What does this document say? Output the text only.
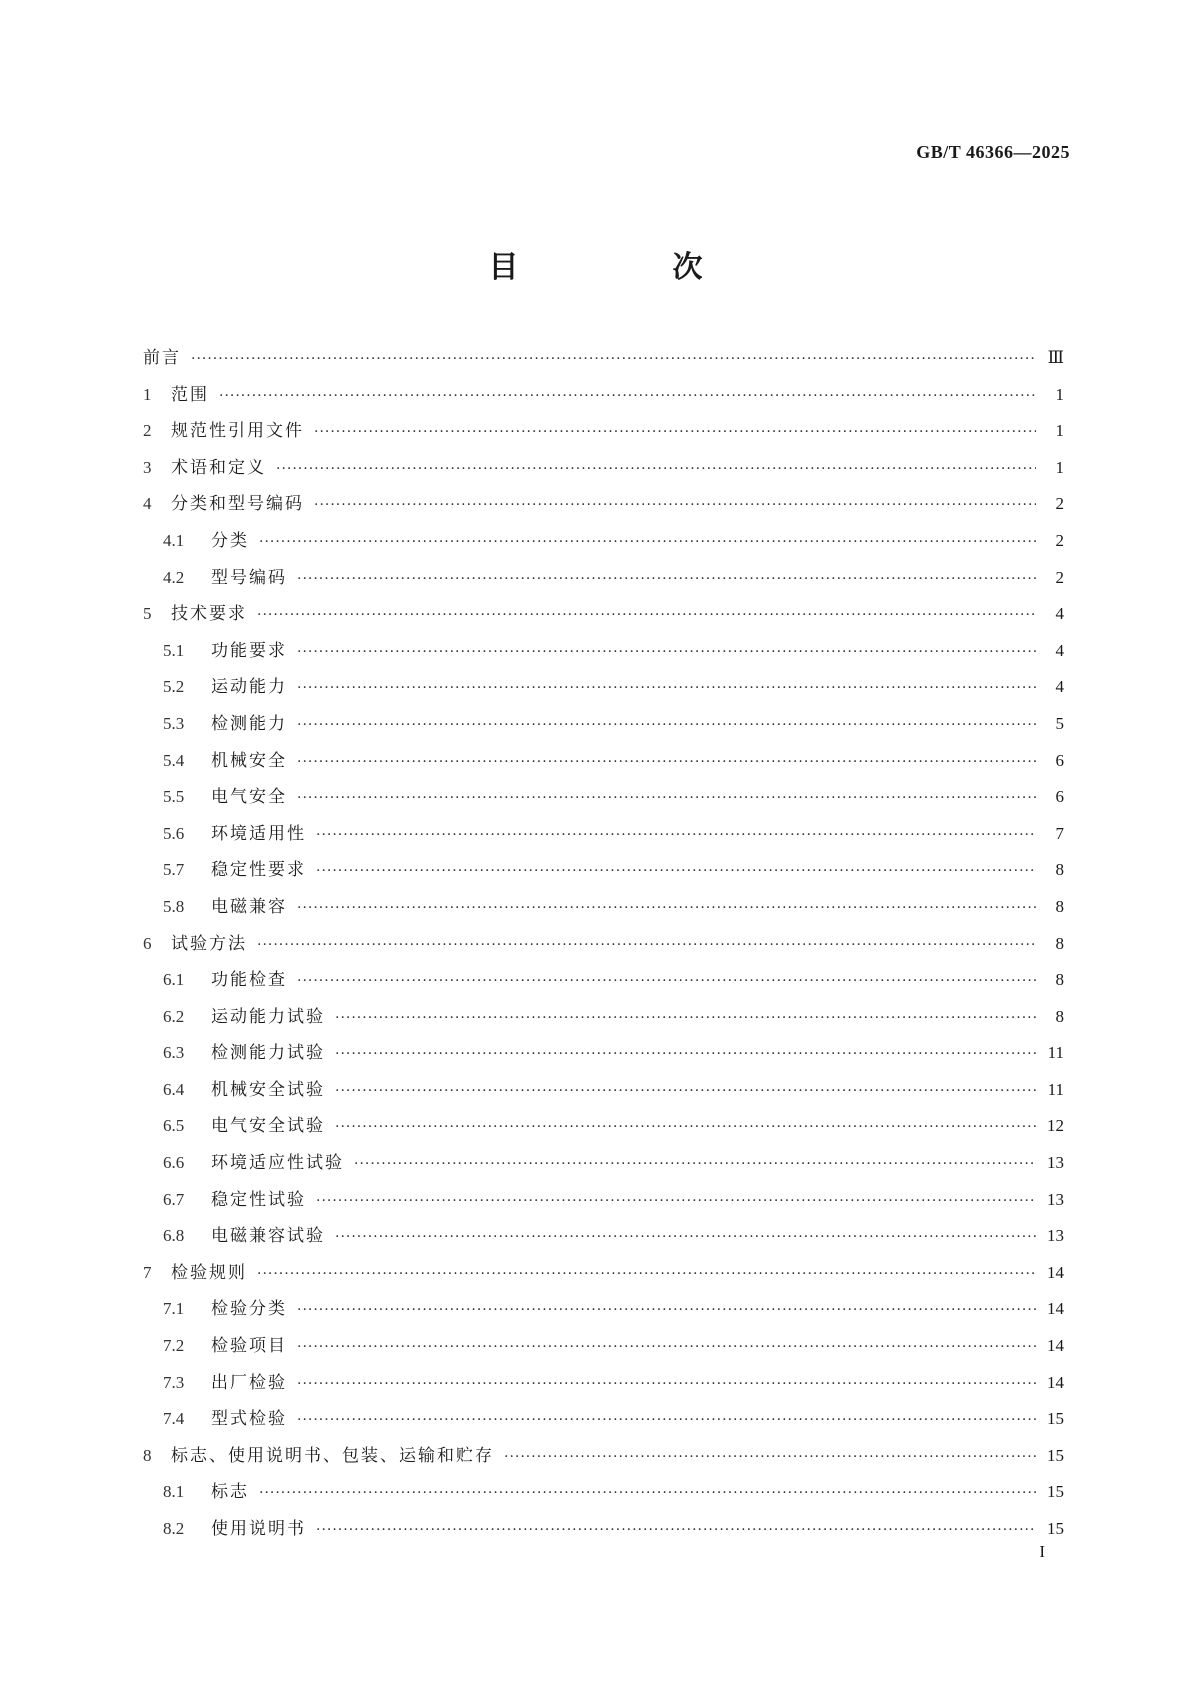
GB/T 46366—2025
目　次
前言 ·····	Ⅲ
1	范围 ·····	1
2	规范性引用文件 ·····	1
3	术语和定义 ·····	1
4	分类和型号编码 ·····	2
4.1	分类 ·····	2
4.2	型号编码 ·····	2
5	技术要求 ·····	4
5.1	功能要求 ·····	4
5.2	运动能力 ·····	4
5.3	检测能力 ·····	5
5.4	机械安全 ·····	6
5.5	电气安全 ·····	6
5.6	环境适用性 ·····	7
5.7	稳定性要求 ·····	8
5.8	电磁兼容 ·····	8
6	试验方法 ·····	8
6.1	功能检查 ·····	8
6.2	运动能力试验 ·····	8
6.3	检测能力试验 ·····	11
6.4	机械安全试验 ·····	11
6.5	电气安全试验 ·····	12
6.6	环境适应性试验 ·····	13
6.7	稳定性试验 ·····	13
6.8	电磁兼容试验 ·····	13
7	检验规则 ·····	14
7.1	检验分类 ·····	14
7.2	检验项目 ·····	14
7.3	出厂检验 ·····	14
7.4	型式检验 ·····	15
8	标志、使用说明书、包装、运输和贮存 ·····	15
8.1	标志 ·····	15
8.2	使用说明书 ·····	15
I
